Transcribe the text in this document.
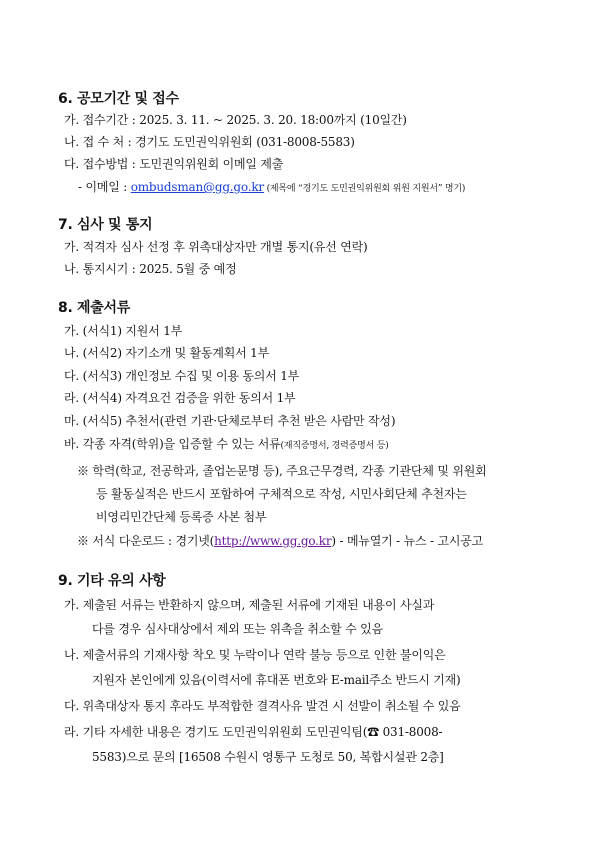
6. 공모기간 및 접수
가. 접수기간 : 2025. 3. 11. ~ 2025. 3. 20. 18:00까지 (10일간)
나. 접 수 처 : 경기도 도민권익위원회 (031-8008-5583)
다. 접수방법 : 도민권익위원회 이메일 제출
- 이메일 : ombudsman@gg.go.kr (제목에 “경기도 도민권익위원회 위원 지원서” 명기)
7. 심사 및 통지
가. 적격자 심사 선정 후 위촉대상자만 개별 통지(유선 연락)
나. 통지시기 : 2025. 5월 중 예정
8. 제출서류
가. (서식1) 지원서 1부
나. (서식2) 자기소개 및 활동계획서 1부
다. (서식3) 개인정보 수집 및 이용 동의서 1부
라. (서식4) 자격요건 검증을 위한 동의서 1부
마. (서식5) 추천서(관련 기관·단체로부터 추천 받은 사람만 작성)
바. 각종 자격(학위)을 입증할 수 있는 서류(재직증명서, 경력증명서 등)
※ 학력(학교, 전공학과, 졸업논문명 등), 주요근무경력, 각종 기관단체 및 위원회
등 활동실적은 반드시 포함하여 구체적으로 작성, 시민사회단체 추천자는
비영리민간단체 등록증 사본 첨부
※ 서식 다운로드 : 경기넷(http://www.gg.go.kr) - 메뉴열기 - 뉴스 - 고시공고
9. 기타 유의 사항
가. 제출된 서류는 반환하지 않으며, 제출된 서류에 기재된 내용이 사실과
다를 경우 심사대상에서 제외 또는 위촉을 취소할 수 있음
나. 제출서류의 기재사항 착오 및 누락이나 연락 불능 등으로 인한 불이익은
지원자 본인에게 있음(이력서에 휴대폰 번호와 E-mail주소 반드시 기재)
다. 위촉대상자 통지 후라도 부적합한 결격사유 발견 시 선발이 취소될 수 있음
라. 기타 자세한 내용은 경기도 도민권익위원회 도민권익팀(☎ 031-8008-
5583)으로 문의 [16508 수원시 영통구 도청로 50, 복합시설관 2층]
